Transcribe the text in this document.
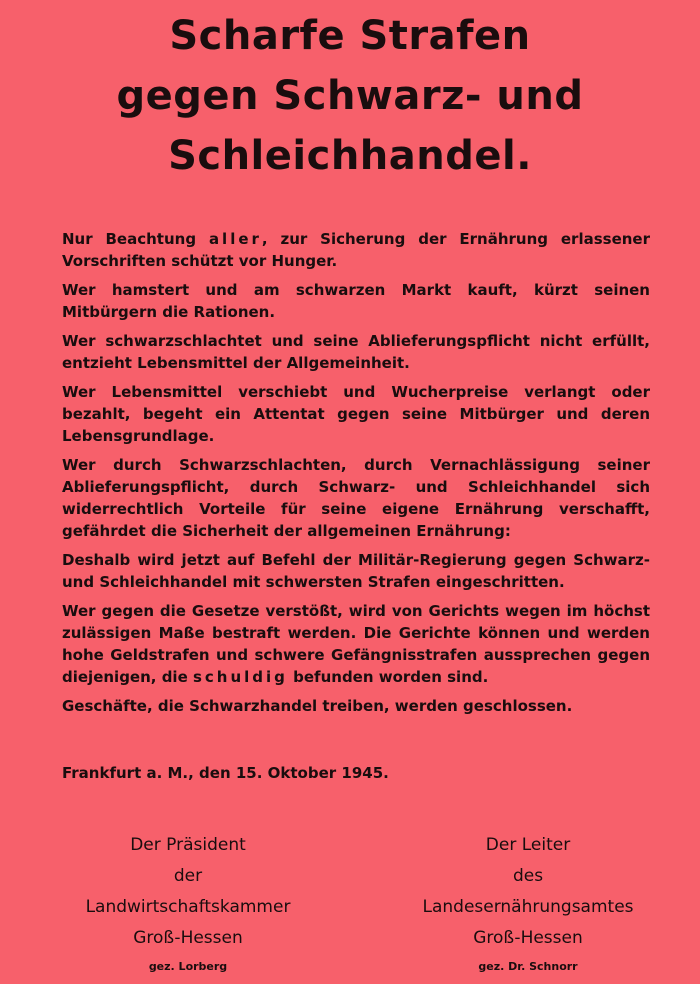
Scharfe Strafen
gegen Schwarz- und
Schleichhandel.

Nur Beachtung aller, zur Sicherung der Ernährung erlassener Vorschriften schützt vor Hunger.

Wer hamstert und am schwarzen Markt kauft, kürzt seinen Mitbürgern die Rationen.

Wer schwarzschlachtet und seine Ablieferungspflicht nicht erfüllt, entzieht Lebensmittel der Allgemeinheit.

Wer Lebensmittel verschiebt und Wucherpreise verlangt oder bezahlt, begeht ein Attentat gegen seine Mitbürger und deren Lebensgrundlage.

Wer durch Schwarzschlachten, durch Vernachlässigung seiner Ablieferungspflicht, durch Schwarz- und Schleichhandel sich widerrechtlich Vorteile für seine eigene Ernährung verschafft, gefährdet die Sicherheit der allgemeinen Ernährung:

Deshalb wird jetzt auf Befehl der Militär-Regierung gegen Schwarz- und Schleichhandel mit schwersten Strafen eingeschritten.

Wer gegen die Gesetze verstößt, wird von Gerichts wegen im höchst zulässigen Maße bestraft werden. Die Gerichte können und werden hohe Geldstrafen und schwere Gefängnisstrafen aussprechen gegen diejenigen, die schuldig befunden worden sind.

Geschäfte, die Schwarzhandel treiben, werden geschlossen.

Frankfurt a. M., den 15. Oktober 1945.
Der Präsident
der
Landwirtschaftskammer
Groß-Hessen
gez. Lorberg
Der Leiter
des
Landesernährungsamtes
Groß-Hessen
gez. Dr. Schnorr
